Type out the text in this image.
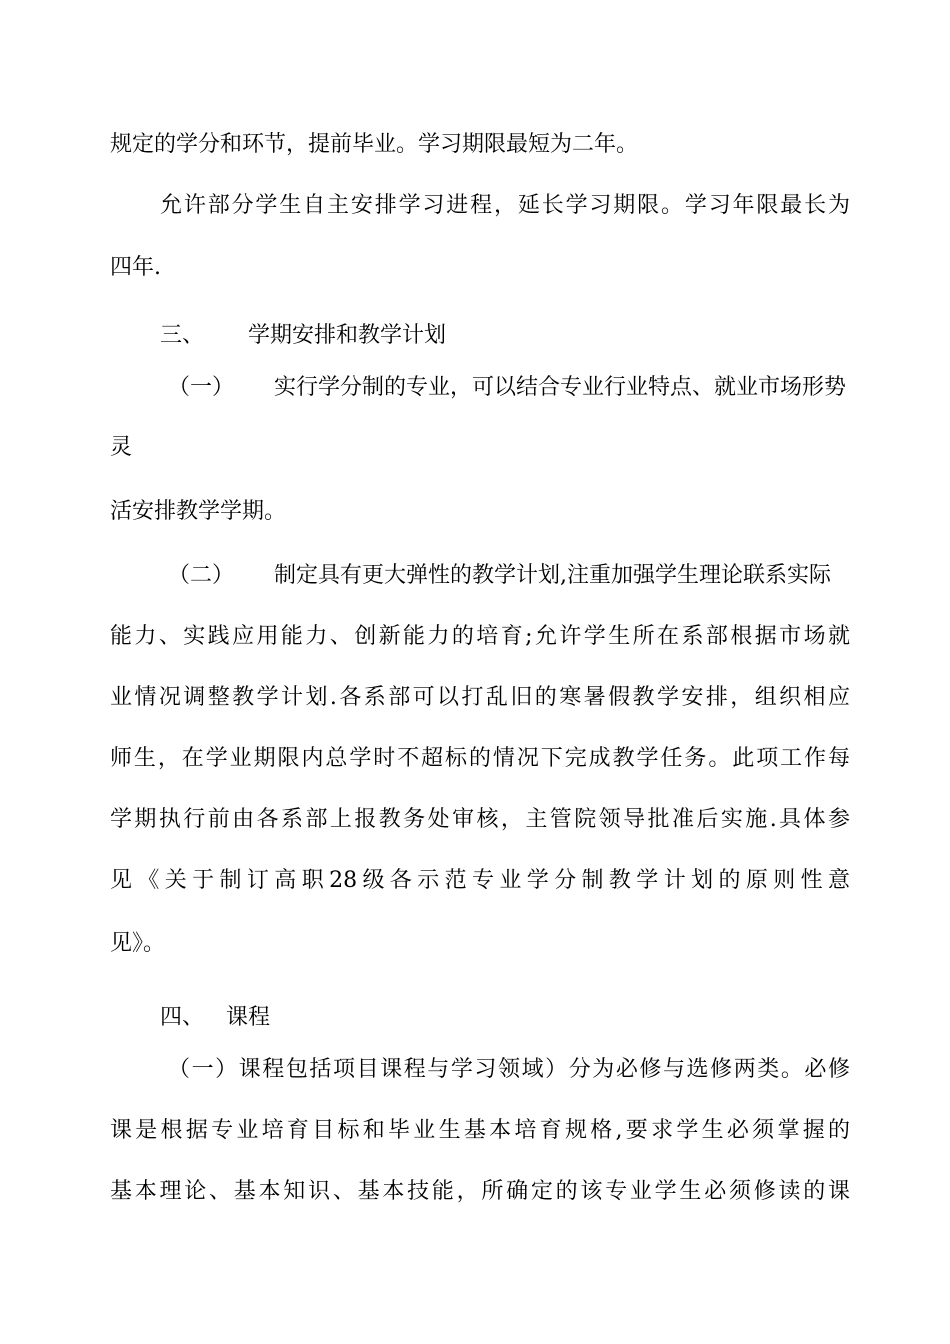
规定的学分和环节，提前毕业。学习期限最短为二年。
允许部分学生自主安排学习进程，延长学习期限。学习年限最长为
四年.
三、 学期安排和教学计划
（一） 实行学分制的专业，可以结合专业行业特点、就业市场形势
灵
活安排教学学期。
（二） 制定具有更大弹性的教学计划,注重加强学生理论联系实际
能力、实践应用能力、创新能力的培育;允许学生所在系部根据市场就
业情况调整教学计划.各系部可以打乱旧的寒暑假教学安排，组织相应
师生，在学业期限内总学时不超标的情况下完成教学任务。此项工作每
学期执行前由各系部上报教务处审核，主管院领导批准后实施.具体参
见《关于制订高职28级各示范专业学分制教学计划的原则性意
见》。
四、 课程
（一）课程包括项目课程与学习领域）分为必修与选修两类。必修
课是根据专业培育目标和毕业生基本培育规格,要求学生必须掌握的
基本理论、基本知识、基本技能，所确定的该专业学生必须修读的课
